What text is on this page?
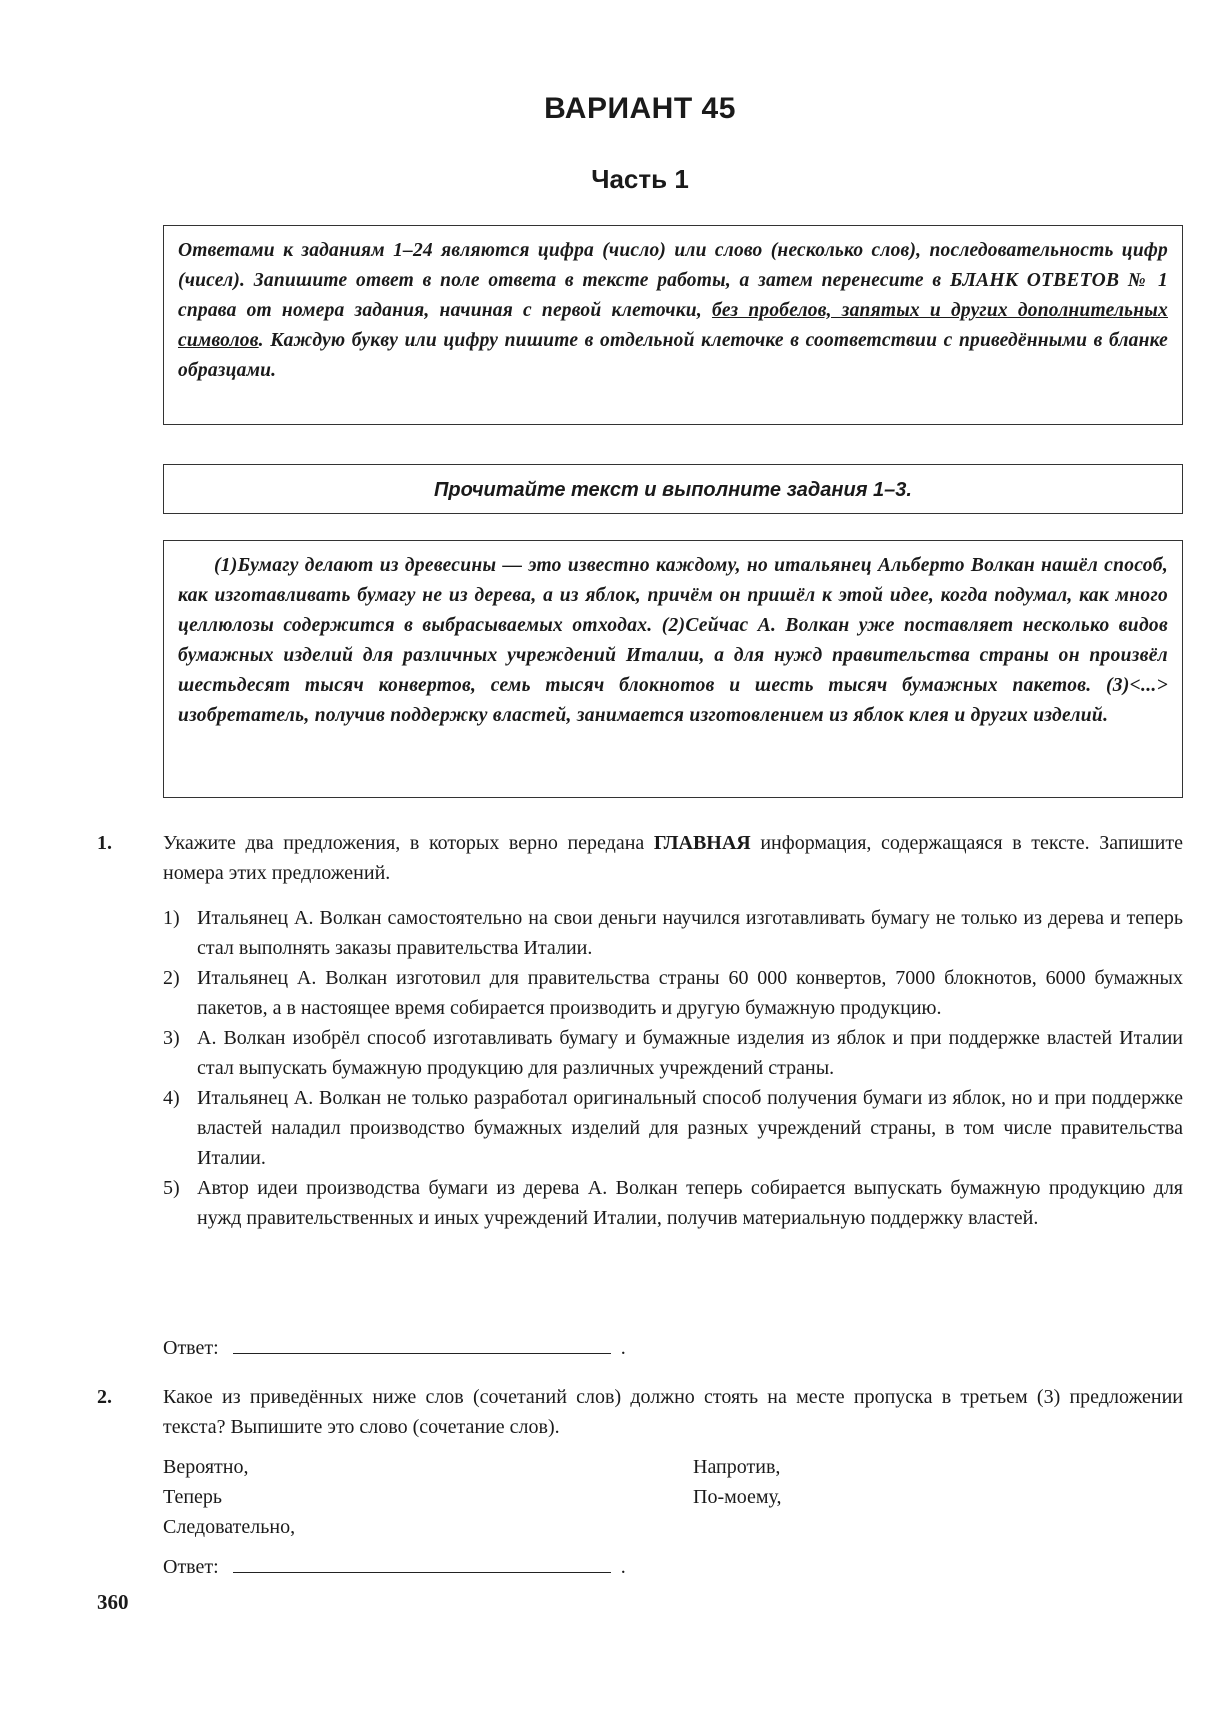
ВАРИАНТ 45
Часть 1
Ответами к заданиям 1–24 являются цифра (число) или слово (несколько слов), последовательность цифр (чисел). Запишите ответ в поле ответа в тексте работы, а затем перенесите в БЛАНК ОТВЕТОВ № 1 справа от номера задания, начиная с первой клеточки, без пробелов, запятых и других дополнительных символов. Каждую букву или цифру пишите в отдельной клеточке в соответствии с приведёнными в бланке образцами.
Прочитайте текст и выполните задания 1–3.
(1)Бумагу делают из древесины — это известно каждому, но итальянец Альберто Волкан нашёл способ, как изготавливать бумагу не из дерева, а из яблок, причём он пришёл к этой идее, когда подумал, как много целлюлозы содержится в выбрасываемых отходах. (2)Сейчас А. Волкан уже поставляет несколько видов бумажных изделий для различных учреждений Италии, а для нужд правительства страны он произвёл шестьдесят тысяч конвертов, семь тысяч блокнотов и шесть тысяч бумажных пакетов. (3)<...> изобретатель, получив поддержку властей, занимается изготовлением из яблок клея и других изделий.
1.	Укажите два предложения, в которых верно передана ГЛАВНАЯ информация, содержащаяся в тексте. Запишите номера этих предложений.
1) Итальянец А. Волкан самостоятельно на свои деньги научился изготавливать бумагу не только из дерева и теперь стал выполнять заказы правительства Италии.
2) Итальянец А. Волкан изготовил для правительства страны 60 000 конвертов, 7000 блокнотов, 6000 бумажных пакетов, а в настоящее время собирается производить и другую бумажную продукцию.
3) А. Волкан изобрёл способ изготавливать бумагу и бумажные изделия из яблок и при поддержке властей Италии стал выпускать бумажную продукцию для различных учреждений страны.
4) Итальянец А. Волкан не только разработал оригинальный способ получения бумаги из яблок, но и при поддержке властей наладил производство бумажных изделий для разных учреждений страны, в том числе правительства Италии.
5) Автор идеи производства бумаги из дерева А. Волкан теперь собирается выпускать бумажную продукцию для нужд правительственных и иных учреждений Италии, получив материальную поддержку властей.
Ответ:	.
2.	Какое из приведённых ниже слов (сочетаний слов) должно стоять на месте пропуска в третьем (3) предложении текста? Выпишите это слово (сочетание слов).
Вероятно,
Теперь
Следовательно,
Напротив,
По-моему,
Ответ:	.
360
